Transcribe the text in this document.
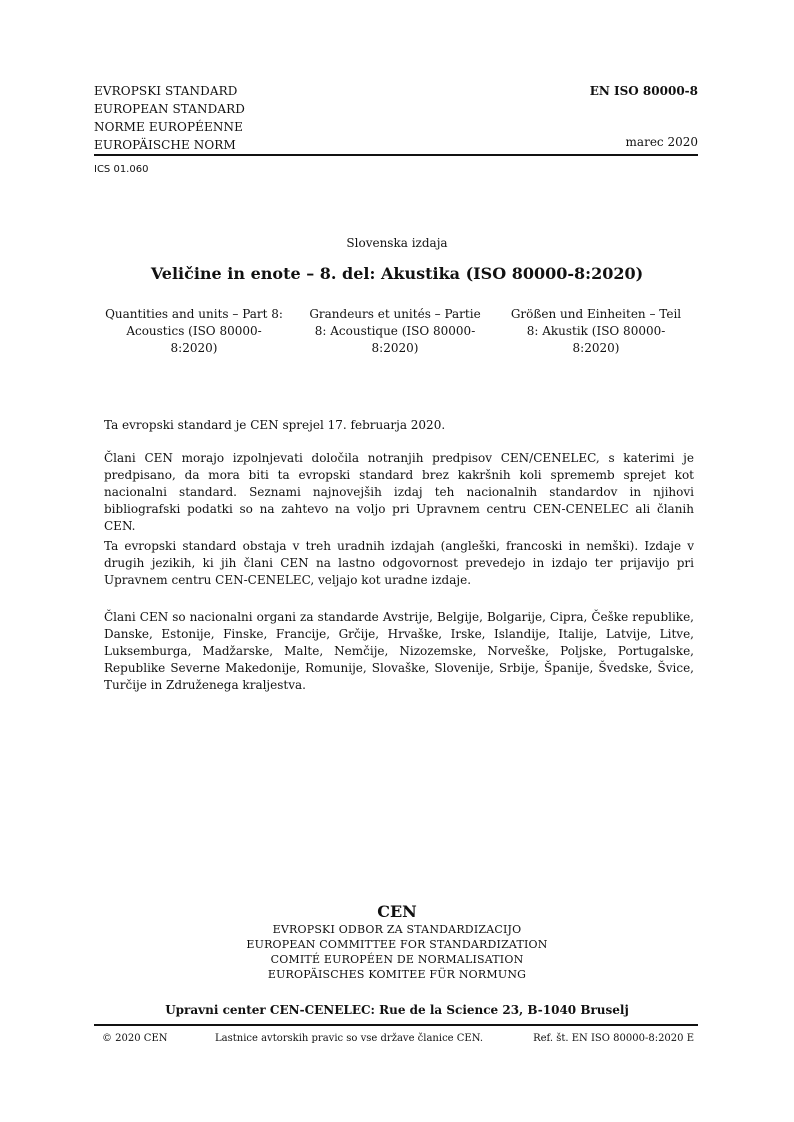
EVROPSKI STANDARD
EUROPEAN STANDARD
NORME EUROPÉENNE
EUROPÄISCHE NORM
EN ISO 80000-8
marec 2020
ICS 01.060
Slovenska izdaja
Veličine in enote – 8. del: Akustika (ISO 80000-8:2020)
Quantities and units – Part 8: Acoustics (ISO 80000-8:2020)
Grandeurs et unités – Partie 8: Acoustique (ISO 80000-8:2020)
Größen und Einheiten – Teil 8: Akustik (ISO 80000-8:2020)
Ta evropski standard je CEN sprejel 17. februarja 2020.
Člani CEN morajo izpolnjevati določila notranjih predpisov CEN/CENELEC, s katerimi je predpisano, da mora biti ta evropski standard brez kakršnih koli sprememb sprejet kot nacionalni standard. Seznami najnovejših izdaj teh nacionalnih standardov in njihovi bibliografski podatki so na zahtevo na voljo pri Upravnem centru CEN-CENELEC ali članih CEN.
Ta evropski standard obstaja v treh uradnih izdajah (angleški, francoski in nemški). Izdaje v drugih jezikih, ki jih člani CEN na lastno odgovornost prevedejo in izdajo ter prijavijo pri Upravnem centru CEN-CENELEC, veljajo kot uradne izdaje.
Člani CEN so nacionalni organi za standarde Avstrije, Belgije, Bolgarije, Cipra, Češke republike, Danske, Estonije, Finske, Francije, Grčije, Hrvaške, Irske, Islandije, Italije, Latvije, Litve, Luksemburga, Madžarske, Malte, Nemčije, Nizozemske, Norveške, Poljske, Portugalske, Republike Severne Makedonije, Romunije, Slovaške, Slovenije, Srbije, Španije, Švedske, Švice, Turčije in Združenega kraljestva.
CEN
EVROPSKI ODBOR ZA STANDARDIZACIJO
EUROPEAN COMMITTEE FOR STANDARDIZATION
COMITÉ EUROPÉEN DE NORMALISATION
EUROPÄISCHES KOMITEE FÜR NORMUNG
Upravni center CEN-CENELEC: Rue de la Science 23, B-1040 Bruselj
© 2020 CEN	Lastnice avtorskih pravic so vse države članice CEN.	Ref. št. EN ISO 80000-8:2020 E
